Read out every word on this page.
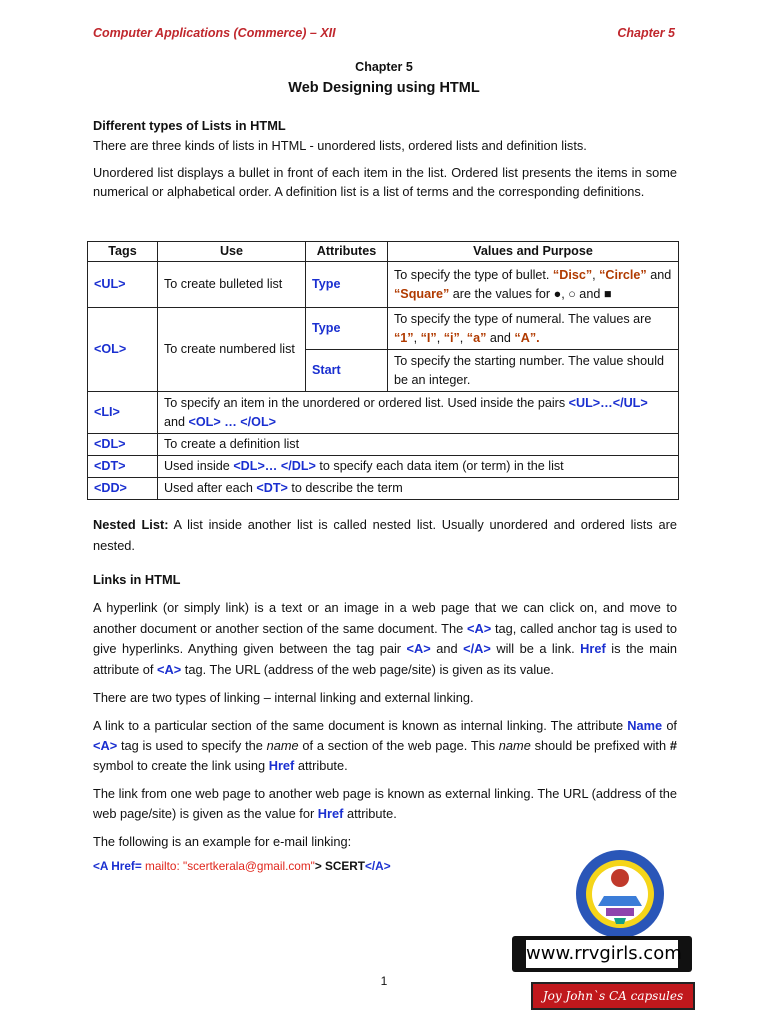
Computer Applications (Commerce) – XII	Chapter 5
Chapter 5
Web Designing using HTML

Different types of Lists in HTML

There are three kinds of lists in HTML - unordered lists, ordered lists and definition lists.

Unordered list displays a bullet in front of each item in the list. Ordered list presents the items in some numerical or alphabetical order. A definition list is a list of terms and the corresponding definitions.

Tags	Use	Attributes	Values and Purpose
<UL>	To create bulleted list	Type	To specify the type of bullet. “Disc”, “Circle” and “Square” are the values for ●, ○ and ■
<OL>	To create numbered list	Type	To specify the type of numeral. The values are “1”, “I”, “i”, “a” and “A”.
		Start	To specify the starting number. The value should be an integer.
<LI>	To specify an item in the unordered or ordered list. Used inside the pairs <UL>…</UL> and <OL> … </OL>		
<DL>	To create a definition list		
<DT>	Used inside <DL>… </DL> to specify each data item (or term) in the list		
<DD>	Used after each <DT> to describe the term		

Nested List: A list inside another list is called nested list. Usually unordered and ordered lists are nested.

Links in HTML

A hyperlink (or simply link) is a text or an image in a web page that we can click on, and move to another document or another section of the same document. The <A> tag, called anchor tag is used to give hyperlinks. Anything given between the tag pair <A> and </A> will be a link. Href is the main attribute of <A> tag. The URL (address of the web page/site) is given as its value.

There are two types of linking – internal linking and external linking.

A link to a particular section of the same document is known as internal linking. The attribute Name of <A> tag is used to specify the name of a section of the web page. This name should be prefixed with # symbol to create the link using Href attribute.

The link from one web page to another web page is known as external linking. The URL (address of the web page/site) is given as the value for Href attribute.

The following is an example for e-mail linking:

<A Href= mailto: "scertkerala@gmail.com"> SCERT</A>

www.rrvgirls.com
Joy John`s CA capsules
1
